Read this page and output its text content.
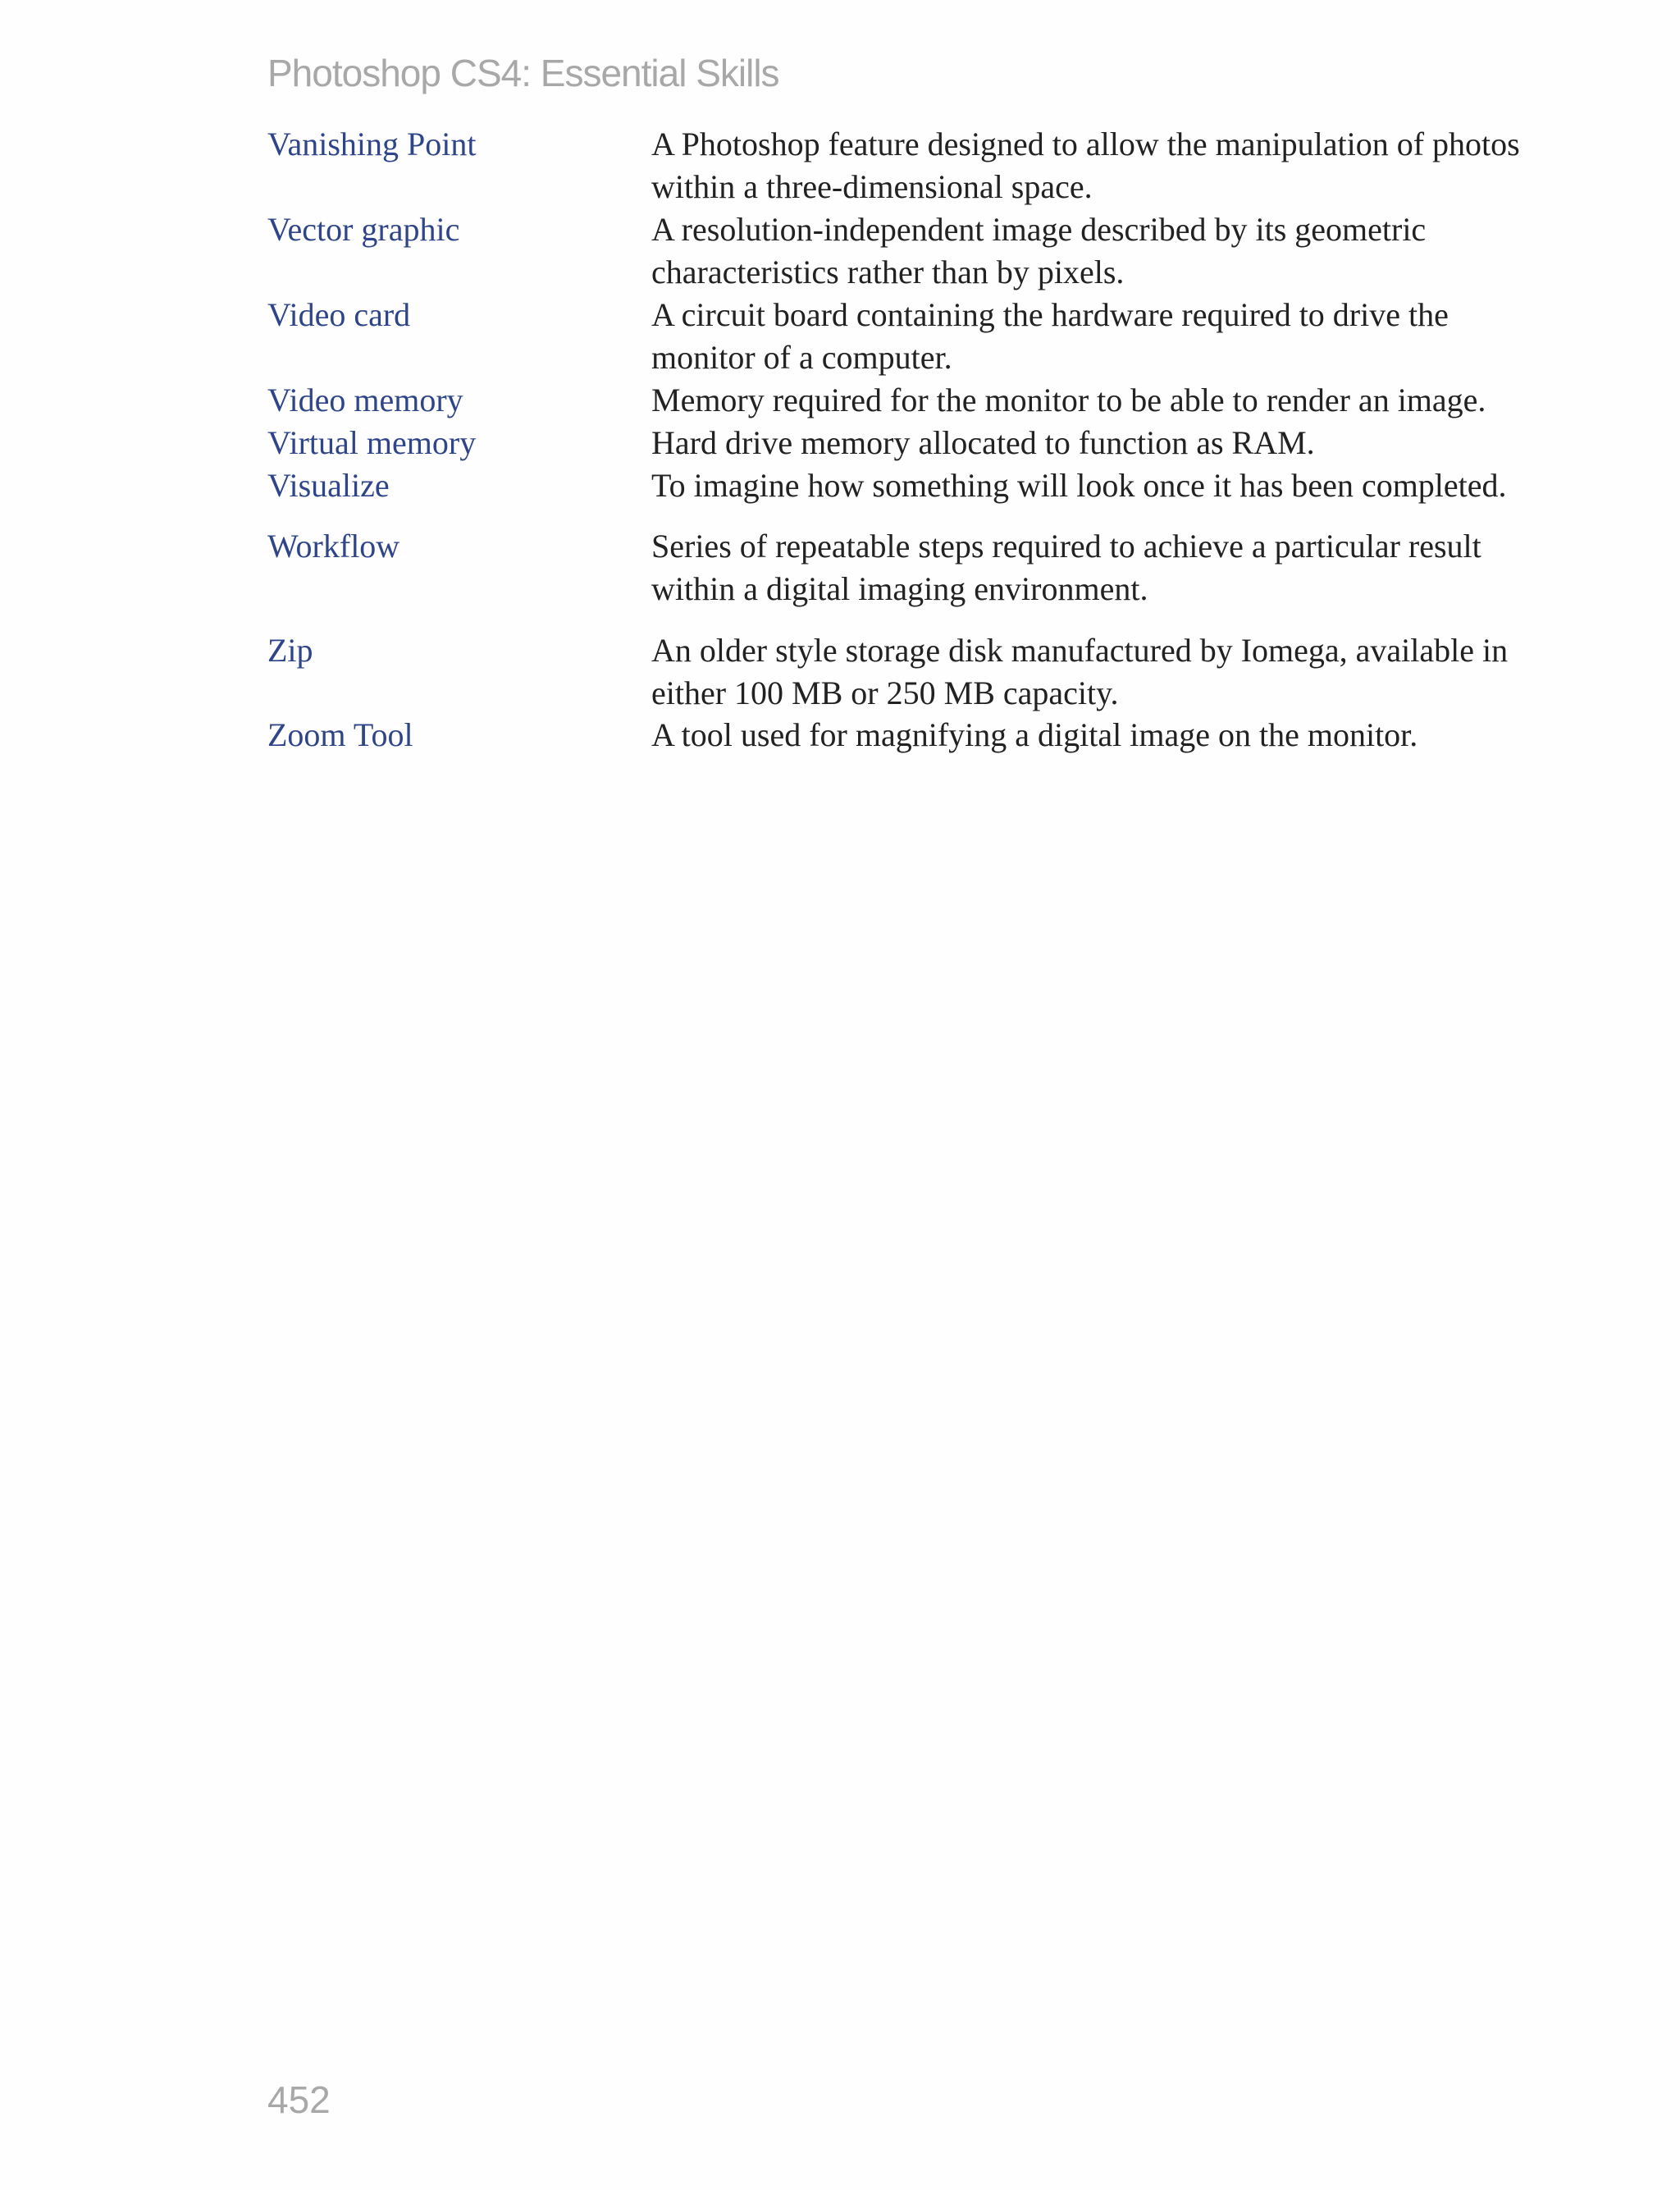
Photoshop CS4: Essential Skills
Vanishing Point	A Photoshop feature designed to allow the manipulation of photos within a three-dimensional space.
Vector graphic	A resolution-independent image described by its geometric characteristics rather than by pixels.
Video card	A circuit board containing the hardware required to drive the monitor of a computer.
Video memory	Memory required for the monitor to be able to render an image.
Virtual memory	Hard drive memory allocated to function as RAM.
Visualize	To imagine how something will look once it has been completed.
Workflow	Series of repeatable steps required to achieve a particular result within a digital imaging environment.
Zip	An older style storage disk manufactured by Iomega, available in either 100 MB or 250 MB capacity.
Zoom Tool	A tool used for magnifying a digital image on the monitor.
452
